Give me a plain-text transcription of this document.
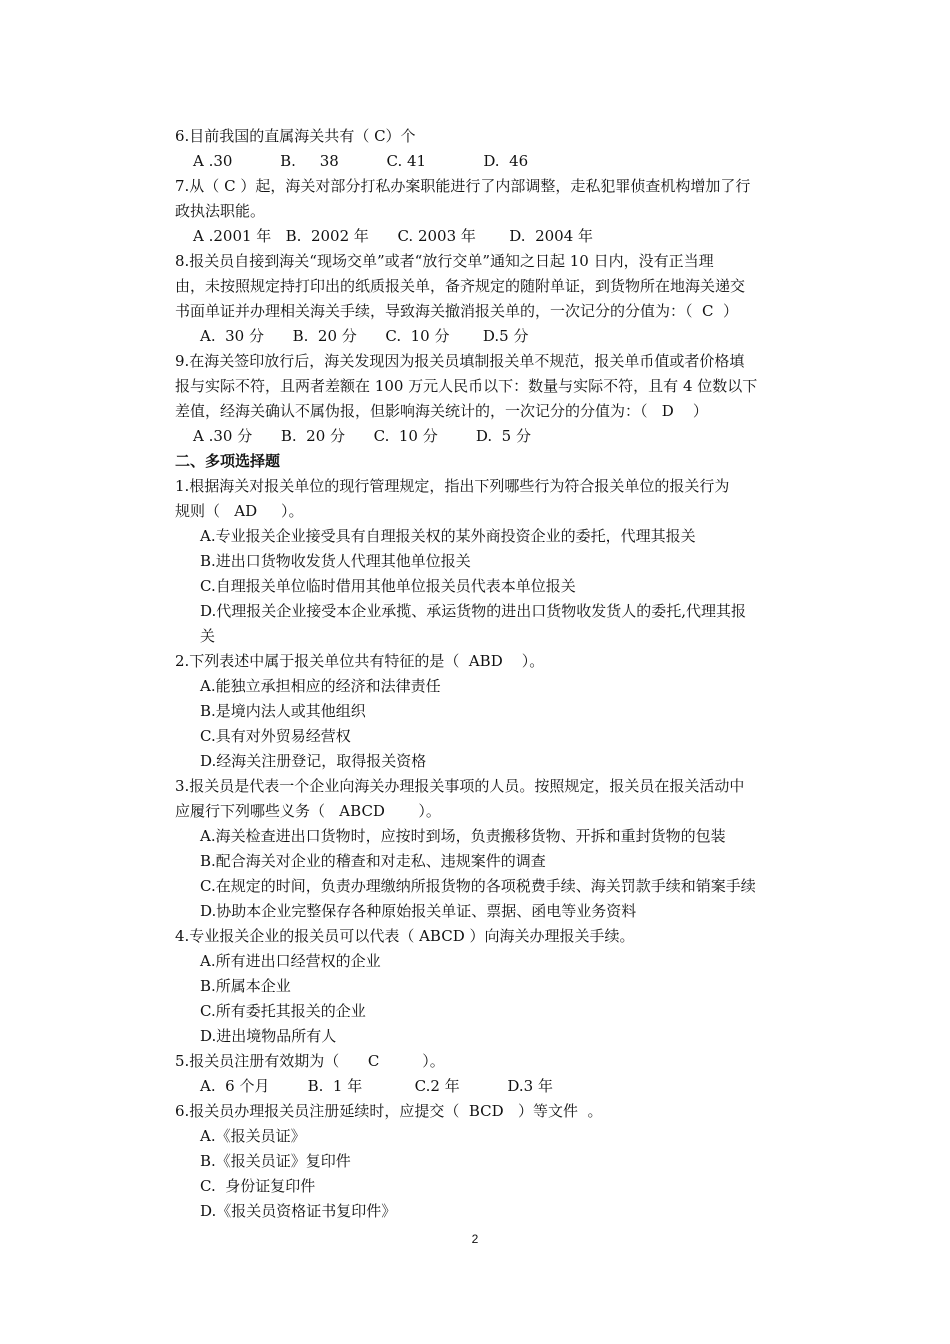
6.目前我国的直属海关共有（ C）个
A .30          B.     38          C. 41            D.  46
7.从（ C ）起，海关对部分打私办案职能进行了内部调整，走私犯罪侦查机构增加了行
政执法职能。
A .2001 年   B.  2002 年      C. 2003 年       D.  2004 年
8.报关员自接到海关“现场交单”或者“放行交单”通知之日起 10 日内，没有正当理
由，未按照规定持打印出的纸质报关单，备齐规定的随附单证，到货物所在地海关递交
书面单证并办理相关海关手续，导致海关撤消报关单的，一次记分的分值为：（  C  ）
A.  30 分      B.  20 分      C.  10 分       D.5 分
9.在海关签印放行后，海关发现因为报关员填制报关单不规范，报关单币值或者价格填
报与实际不符，且两者差额在 100 万元人民币以下：数量与实际不符，且有 4 位数以下
差值，经海关确认不属伪报，但影响海关统计的，一次记分的分值为：（   D    ）
A .30 分      B.  20 分      C.  10 分        D.  5 分
二、多项选择题
1.根据海关对报关单位的现行管理规定，指出下列哪些行为符合报关单位的报关行为
规则（   AD     ）。
A.专业报关企业接受具有自理报关权的某外商投资企业的委托，代理其报关
B.进出口货物收发货人代理其他单位报关
C.自理报关单位临时借用其他单位报关员代表本单位报关
D.代理报关企业接受本企业承揽、承运货物的进出口货物收发货人的委托,代理其报
关
2.下列表述中属于报关单位共有特征的是（  ABD    ）。
A.能独立承担相应的经济和法律责任
B.是境内法人或其他组织
C.具有对外贸易经营权
D.经海关注册登记，取得报关资格
3.报关员是代表一个企业向海关办理报关事项的人员。按照规定，报关员在报关活动中
应履行下列哪些义务（   ABCD       ）。
A.海关检查进出口货物时，应按时到场，负责搬移货物、开拆和重封货物的包装
B.配合海关对企业的稽查和对走私、违规案件的调查
C.在规定的时间，负责办理缴纳所报货物的各项税费手续、海关罚款手续和销案手续
D.协助本企业完整保存各种原始报关单证、票据、函电等业务资料
4.专业报关企业的报关员可以代表（ ABCD ）向海关办理报关手续。
A.所有进出口经营权的企业
B.所属本企业
C.所有委托其报关的企业
D.进出境物品所有人
5.报关员注册有效期为（      C         ）。
A.  6 个月        B.  1 年           C.2 年          D.3 年
6.报关员办理报关员注册延续时，应提交（  BCD   ）等文件  。
A.《报关员证》
B.《报关员证》复印件
C.  身份证复印件
D.《报关员资格证书复印件》
2
